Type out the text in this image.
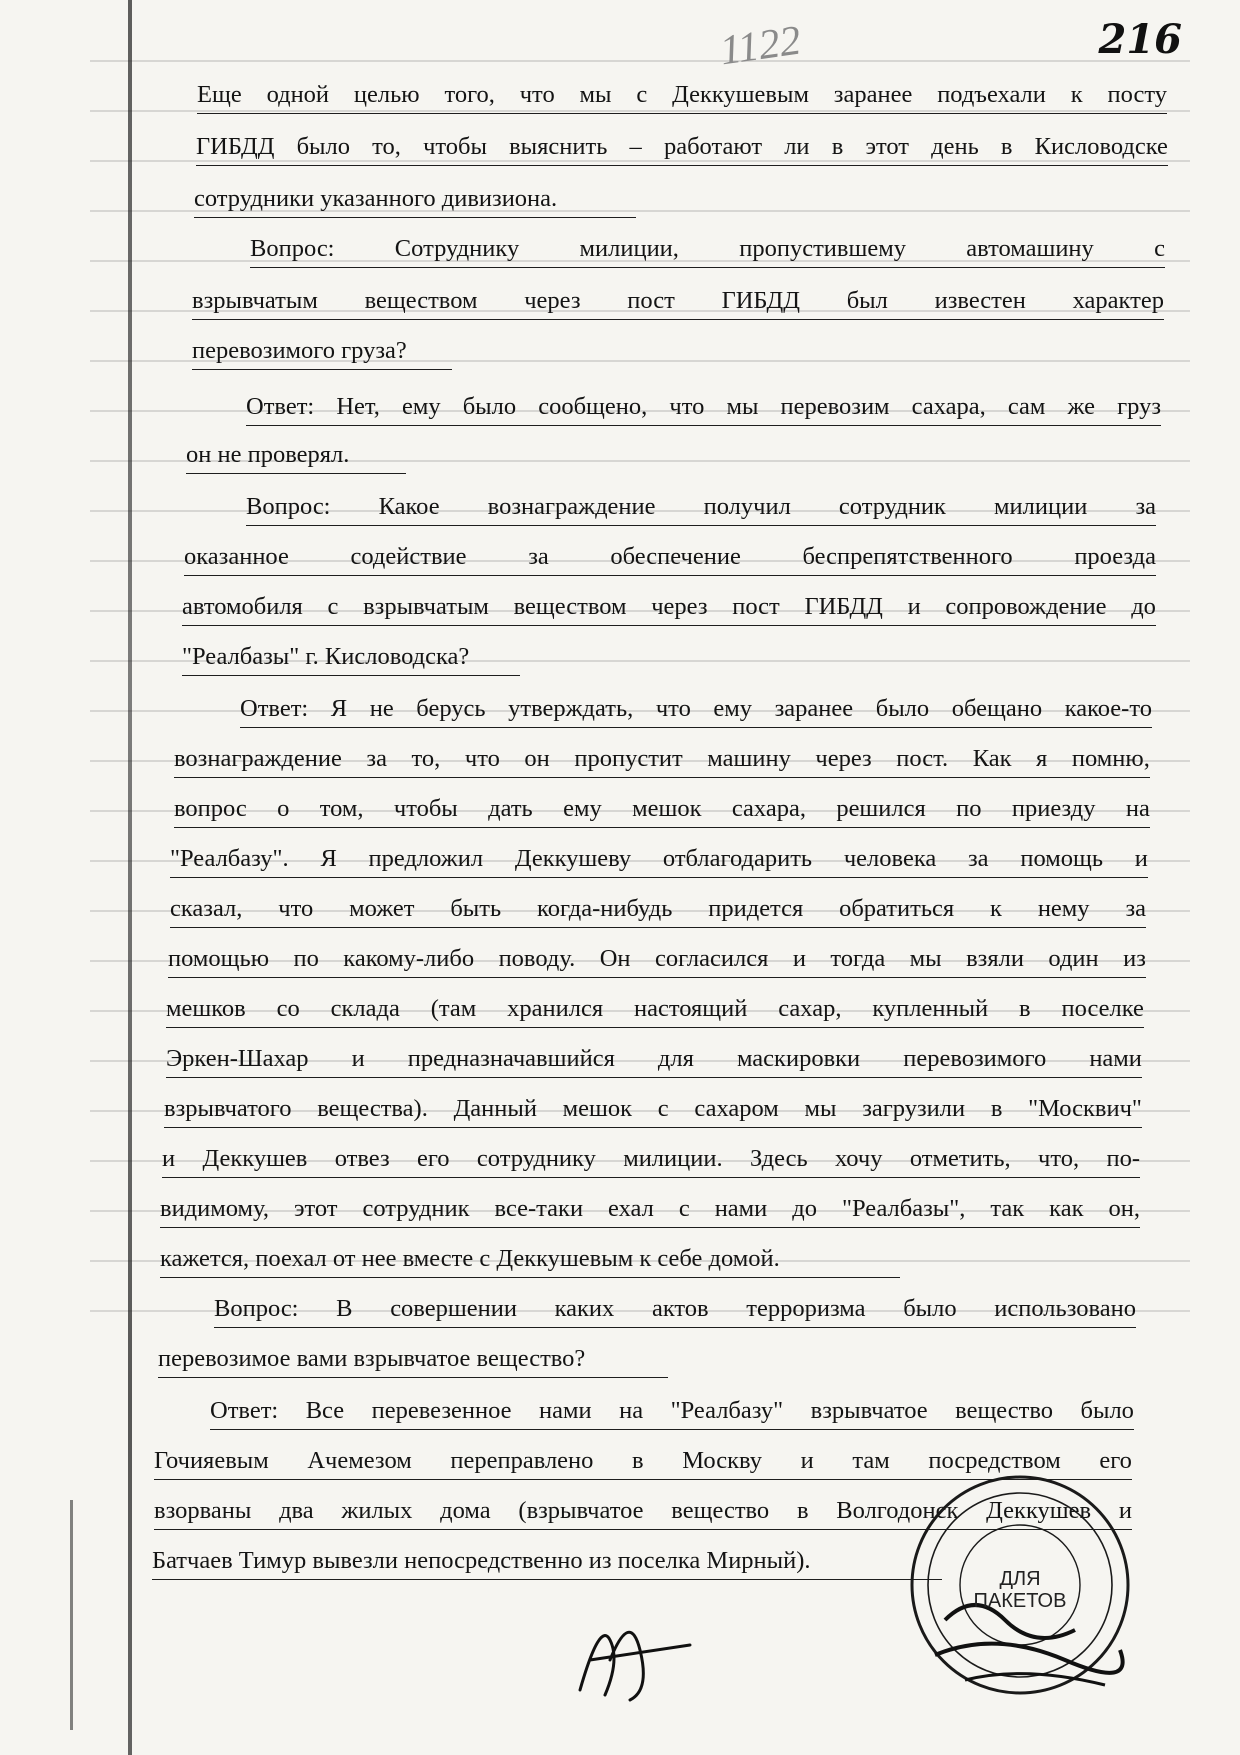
1122	216
Еще одной целью того, что мы с Деккушевым заранее подъехали к посту
ГИБДД было то, чтобы выяснить – работают ли в этот день в Кисловодске
сотрудники указанного дивизиона.
Вопрос: Сотруднику милиции, пропустившему автомашину с
взрывчатым веществом через пост ГИБДД был известен характер
перевозимого груза?
Ответ: Нет, ему было сообщено, что мы перевозим сахара, сам же груз
он не проверял.
Вопрос: Какое вознаграждение получил сотрудник милиции за
оказанное	содействие	за	обеспечение	беспрепятственного	проезда
автомобиля с взрывчатым веществом через пост ГИБДД и сопровождение до
"Реалбазы" г. Кисловодска?
Ответ: Я не берусь утверждать, что ему заранее было обещано какое-то
вознаграждение за то, что он пропустит машину через пост. Как я помню,
вопрос о том, чтобы дать ему мешок сахара, решился по приезду на
"Реалбазу". Я предложил Деккушеву отблагодарить человека за помощь и
сказал, что может быть когда-нибудь придется обратиться к нему за
помощью по какому-либо поводу. Он согласился и тогда мы взяли один из
мешков со склада (там хранился настоящий сахар, купленный в поселке
Эркен-Шахар и предназначавшийся для маскировки перевозимого нами
взрывчатого вещества). Данный мешок с сахаром мы загрузили в "Москвич"
и Деккушев отвез его сотруднику милиции. Здесь хочу отметить, что, по-
видимому, этот сотрудник все-таки ехал с нами до "Реалбазы", так как он,
кажется, поехал от нее вместе с Деккушевым к себе домой.
Вопрос: В совершении каких актов терроризма было использовано
перевозимое вами взрывчатое вещество?
Ответ: Все перевезенное нами на "Реалбазу" взрывчатое вещество было
Гочияевым Ачемезом переправлено в Москву и там посредством его
взорваны два жилых дома (взрывчатое вещество в Волгодонск Деккушев и
Батчаев Тимур вывезли непосредственно из поселка Мирный).
ДЛЯ ПАКЕТОВ
